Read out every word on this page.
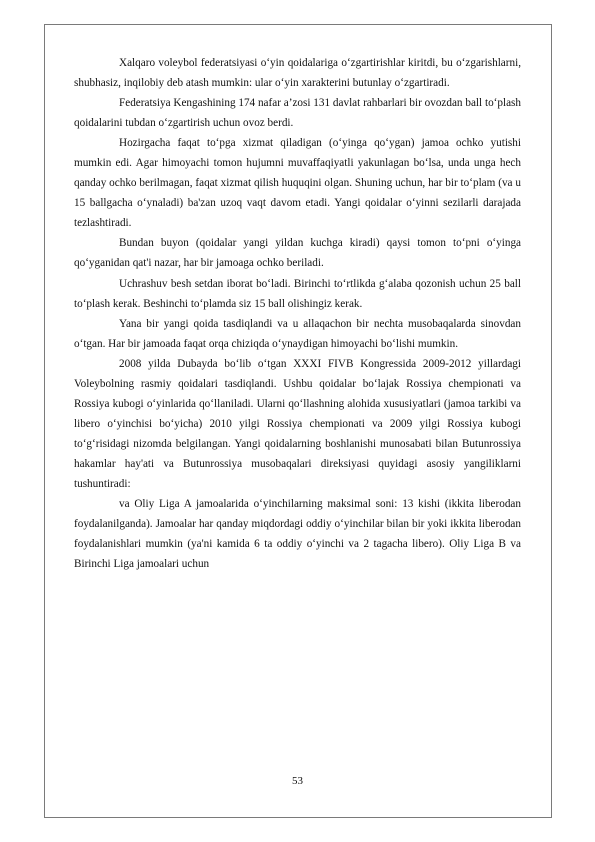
Xalqaro voleybol federatsiyasi o‘yin qoidalariga o‘zgartirishlar kiritdi, bu o‘zgarishlarni, shubhasiz, inqilobiy deb atash mumkin: ular o‘yin xarakterini butunlay o‘zgartiradi.

Federatsiya Kengashining 174 nafar a’zosi 131 davlat rahbarlari bir ovozdan ball to‘plash qoidalarini tubdan o‘zgartirish uchun ovoz berdi.

Hozirgacha faqat to‘pga xizmat qiladigan (o‘yinga qo‘ygan) jamoa ochko yutishi mumkin edi. Agar himoyachi tomon hujumni muvaffaqiyatli yakunlagan bo‘lsa, unda unga hech qanday ochko berilmagan, faqat xizmat qilish huquqini olgan. Shuning uchun, har bir to‘plam (va u 15 ballgacha o‘ynaladi) ba'zan uzoq vaqt davom etadi. Yangi qoidalar o‘yinni sezilarli darajada tezlashtiradi.

Bundan buyon (qoidalar yangi yildan kuchga kiradi) qaysi tomon to‘pni o‘yinga qo‘yganidan qat'i nazar, har bir jamoaga ochko beriladi.

Uchrashuv besh setdan iborat bo‘ladi. Birinchi to‘rtlikda g‘alaba qozonish uchun 25 ball to‘plash kerak. Beshinchi to‘plamda siz 15 ball olishingiz kerak.

Yana bir yangi qoida tasdiqlandi va u allaqachon bir nechta musobaqalarda sinovdan o‘tgan. Har bir jamoada faqat orqa chiziqda o‘ynaydigan himoyachi bo‘lishi mumkin.

2008 yilda Dubayda bo‘lib o‘tgan XXXI FIVB Kongressida 2009-2012 yillardagi Voleybolning rasmiy qoidalari tasdiqlandi. Ushbu qoidalar bo‘lajak Rossiya chempionati va Rossiya kubogi o‘yinlarida qo‘llaniladi. Ularni qo‘llashning alohida xususiyatlari (jamoa tarkibi va libero o‘yinchisi bo‘yicha) 2010 yilgi Rossiya chempionati va 2009 yilgi Rossiya kubogi to‘g‘risidagi nizomda belgilangan. Yangi qoidalarning boshlanishi munosabati bilan Butunrossiya hakamlar hay'ati va Butunrossiya musobaqalari direksiyasi quyidagi asosiy yangiliklarni tushuntiradi:

va Oliy Liga A jamoalarida o‘yinchilarning maksimal soni: 13 kishi (ikkita liberodan foydalanilganda). Jamoalar har qanday miqdordagi oddiy o‘yinchilar bilan bir yoki ikkita liberodan foydalanishlari mumkin (ya'ni kamida 6 ta oddiy o‘yinchi va 2 tagacha libero). Oliy Liga B va Birinchi Liga jamoalari uchun

53
